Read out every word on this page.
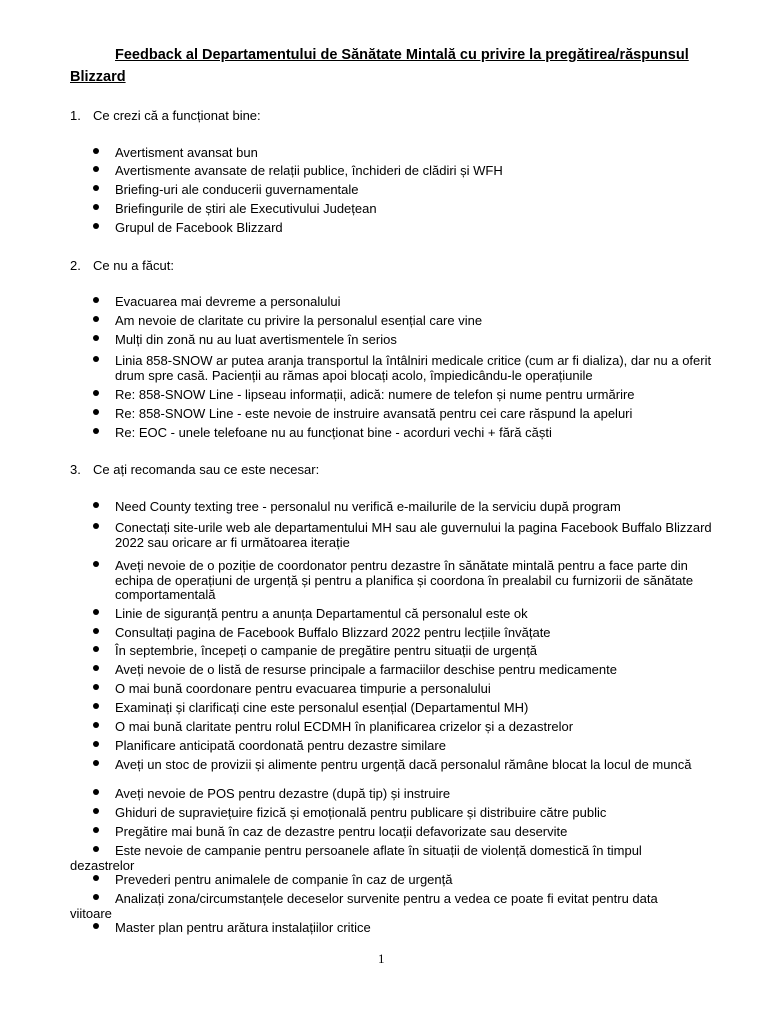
Feedback al Departamentului de Sănătate Mintală cu privire la pregătirea/răspunsul Blizzard
1. Ce crezi că a funcționat bine:
Avertisment avansat bun
Avertismente avansate de relații publice, închideri de clădiri și WFH
Briefing-uri ale conducerii guvernamentale
Briefingurile de știri ale Executivului Județean
Grupul de Facebook Blizzard
2. Ce nu a făcut:
Evacuarea mai devreme a personalului
Am nevoie de claritate cu privire la personalul esențial care vine
Mulți din zonă nu au luat avertismentele în serios
Linia 858-SNOW ar putea aranja transportul la întâlniri medicale critice (cum ar fi dializa), dar nu a oferit drum spre casă. Pacienții au rămas apoi blocați acolo, împiedicându-le operațiunile
Re: 858-SNOW Line - lipseau informații, adică: numere de telefon și nume pentru urmărire
Re: 858-SNOW Line - este nevoie de instruire avansată pentru cei care răspund la apeluri
Re: EOC - unele telefoane nu au funcționat bine - acorduri vechi + fără căști
3. Ce ați recomanda sau ce este necesar:
Need County texting tree - personalul nu verifică e-mailurile de la serviciu după program
Conectați site-urile web ale departamentului MH sau ale guvernului la pagina Facebook Buffalo Blizzard 2022 sau oricare ar fi următoarea iterație
Aveți nevoie de o poziție de coordonator pentru dezastre în sănătate mintală pentru a face parte din echipa de operațiuni de urgență și pentru a planifica și coordona în prealabil cu furnizorii de sănătate comportamentală
Linie de siguranță pentru a anunța Departamentul că personalul este ok
Consultați pagina de Facebook Buffalo Blizzard 2022 pentru lecțiile învățate
În septembrie, începeți o campanie de pregătire pentru situații de urgență
Aveți nevoie de o listă de resurse principale a farmaciilor deschise pentru medicamente
O mai bună coordonare pentru evacuarea timpurie a personalului
Examinați și clarificați cine este personalul esențial (Departamentul MH)
O mai bună claritate pentru rolul ECDMH în planificarea crizelor și a dezastrelor
Planificare anticipată coordonată pentru dezastre similare
Aveți un stoc de provizii și alimente pentru urgență dacă personalul rămâne blocat la locul de muncă
Aveți nevoie de POS pentru dezastre (după tip) și instruire
Ghiduri de supraviețuire fizică și emoțională pentru publicare și distribuire către public
Pregătire mai bună în caz de dezastre pentru locații defavorizate sau deservite
Este nevoie de campanie pentru persoanele aflate în situații de violență domestică în timpul dezastrelor
Prevederi pentru animalele de companie în caz de urgență
Analizați zona/circumstanțele deceselor survenite pentru a vedea ce poate fi evitat pentru data viitoare
Master plan pentru arătura instalațiilor critice
1
